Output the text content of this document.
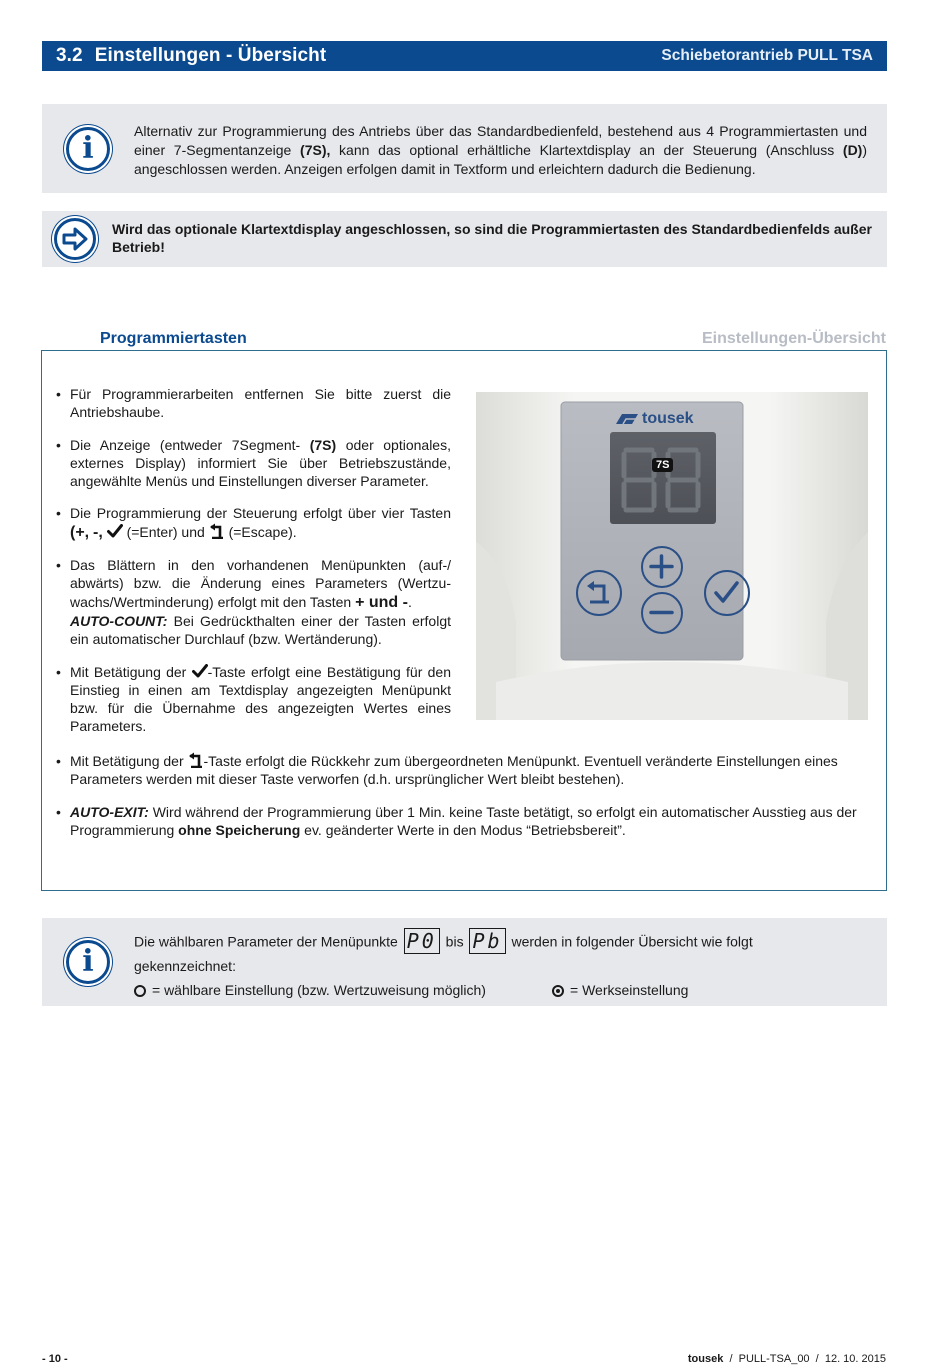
3.2 Einstellungen - Übersicht	Schiebetorantrieb PULL TSA
i	Alternativ zur Programmierung des Antriebs über das Standardbedienfeld, bestehend aus 4 Programmiertasten und einer 7-Segmentanzeige (7S), kann das optional erhältliche Klartextdisplay an der Steuerung (Anschluss (D)) angeschlossen werden. Anzeigen erfolgen damit in Textform und erleichtern dadurch die Bedienung.
Wird das optionale Klartextdisplay angeschlossen, so sind die Programmiertasten des Standardbedienfelds außer Betrieb!
Programmiertasten	Einstellungen-Übersicht
• Für Programmierarbeiten entfernen Sie bitte zuerst die Antriebshaube.
• Die Anzeige (entweder 7Segment- (7S) oder optionales, externes Display) informiert Sie über Betriebszustände, angewählte Menüs und Einstellungen diverser Parameter.
• Die Programmierung der Steuerung erfolgt über vier Tasten (+, -,  (=Enter) und  (=Escape).
• Das Blättern in den vorhandenen Menüpunkten (auf-/ abwärts) bzw. die Änderung eines Parameters (Wertzuwachs/Wertminderung) erfolgt mit den Tasten + und -.
AUTO-COUNT: Bei Gedrückthalten einer der Tasten erfolgt ein automatischer Durchlauf (bzw. Wertänderung).
• Mit Betätigung der -Taste erfolgt eine Bestätigung für den Einstieg in einen am Textdisplay angezeigten Menüpunkt bzw. für die Übernahme des angezeigten Wertes eines Parameters.
• Mit Betätigung der -Taste erfolgt die Rückkehr zum übergeordneten Menüpunkt. Eventuell veränderte Einstellungen eines Parameters werden mit dieser Taste verworfen (d.h. ursprünglicher Wert bleibt bestehen).
• AUTO-EXIT: Wird während der Programmierung über 1 Min. keine Taste betätigt, so erfolgt ein automatischer Ausstieg aus der Programmierung ohne Speicherung ev. geänderter Werte in den Modus “Betriebsbereit”.
tousek
7S
i
Die wählbaren Parameter der Menüpunkte P0 bis Pb werden in folgender Übersicht wie folgt gekennzeichnet:
= wählbare Einstellung (bzw. Wertzuweisung möglich)	= Werkseinstellung
- 10 -	tousek  /  PULL-TSA_00  /  12. 10. 2015
